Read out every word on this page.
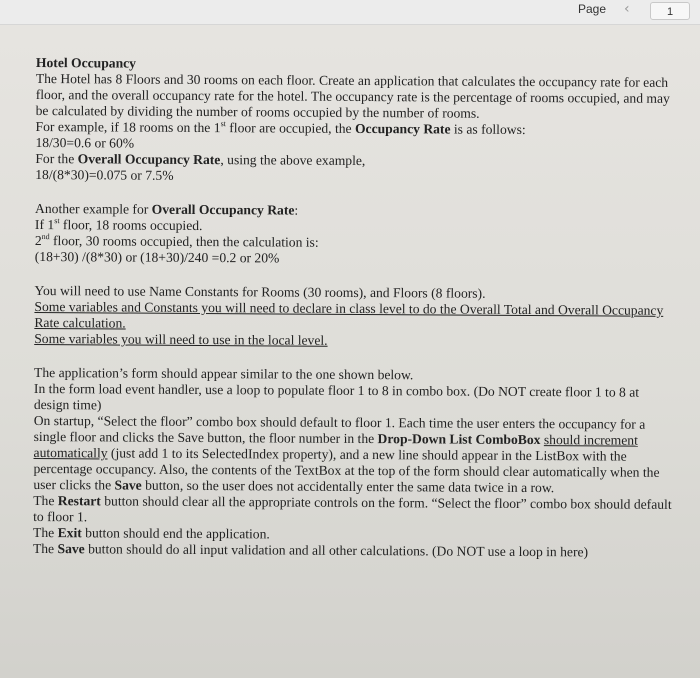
Page ‹	1
Hotel Occupancy
The Hotel has 8 Floors and 30 rooms on each floor. Create an application that calculates the occupancy rate for each floor, and the overall occupancy rate for the hotel. The occupancy rate is the percentage of rooms occupied, and may be calculated by dividing the number of rooms occupied by the number of rooms.
For example, if 18 rooms on the 1st floor are occupied, the Occupancy Rate is as follows:
18/30=0.6 or 60%
For the Overall Occupancy Rate, using the above example,
18/(8*30)=0.075 or 7.5%
Another example for Overall Occupancy Rate:
If 1st floor, 18 rooms occupied.
2nd floor, 30 rooms occupied, then the calculation is:
(18+30) /(8*30) or (18+30)/240 =0.2 or 20%
You will need to use Name Constants for Rooms (30 rooms), and Floors (8 floors).
Some variables and Constants you will need to declare in class level to do the Overall Total and Overall Occupancy Rate calculation.
Some variables you will need to use in the local level.
The application’s form should appear similar to the one shown below.
In the form load event handler, use a loop to populate floor 1 to 8 in combo box. (Do NOT create floor 1 to 8 at design time)
On startup, “Select the floor” combo box should default to floor 1. Each time the user enters the occupancy for a single floor and clicks the Save button, the floor number in the Drop-Down List ComboBox should increment automatically (just add 1 to its SelectedIndex property), and a new line should appear in the ListBox with the percentage occupancy. Also, the contents of the TextBox at the top of the form should clear automatically when the user clicks the Save button, so the user does not accidentally enter the same data twice in a row.
The Restart button should clear all the appropriate controls on the form. “Select the floor” combo box should default to floor 1.
The Exit button should end the application.
The Save button should do all input validation and all other calculations. (Do NOT use a loop in here)
